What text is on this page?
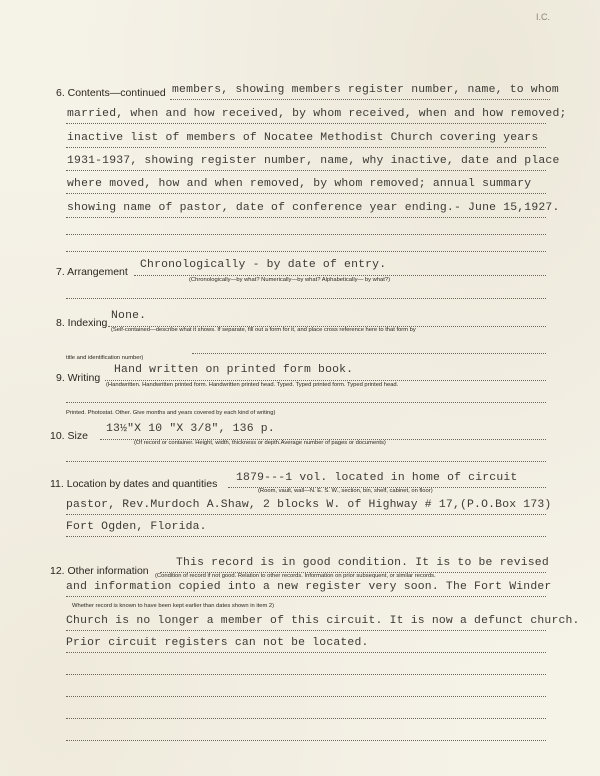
I.C.
6. Contents—continued members, showing members register number, name, to whom
married, when and how received, by whom received, when and how removed;
inactive list of members of Nocatee Methodist Church covering years
1931-1937, showing register number, name, why inactive, date and place
where moved, how and when removed, by whom removed; annual summary
showing name of pastor, date of conference year ending.- June 15,1927.
7. Arrangement
Chronologically - by date of entry.
(Chronologically—by what? Numerically—by what? Alphabetically— by what?)
8. Indexing
None.
(Self-contained—describe what it shows. If separate, fill out a form for it, and place cross reference here to that form by
title and identification number)
9. Writing
Hand written on printed form book.
(Handwritten. Handwritten printed form. Handwritten printed head. Typed. Typed printed form. Typed printed head.
Printed. Photostat. Other. Give months and years covered by each kind of writing)
10. Size
13½"X 10 "X 3/8", 136 p.
(Of record or container. Height, width, thickness or depth.Average number of pages or documents)
11. Location by dates and quantities 1879---1 vol. located in home of circuit
(Room, vault, wall—N. E. S. W., section, bin, shelf, cabinet, on floor)
pastor, Rev.Murdoch A.Shaw, 2 blocks W. of Highway # 17,(P.O.Box 173)
Fort Ogden, Florida.
12. Other information
This record is in good condition. It is to be revised
(Condition of record if not good. Relation to other records. Information on prior subsequent, or similar records.
and information copied into a new register very soon. The Fort Winder
Whether record is known to have been kept earlier than dates shown in item 2)
Church is no longer a member of this circuit. It is now a defunct church.
Prior circuit registers can not be located.
